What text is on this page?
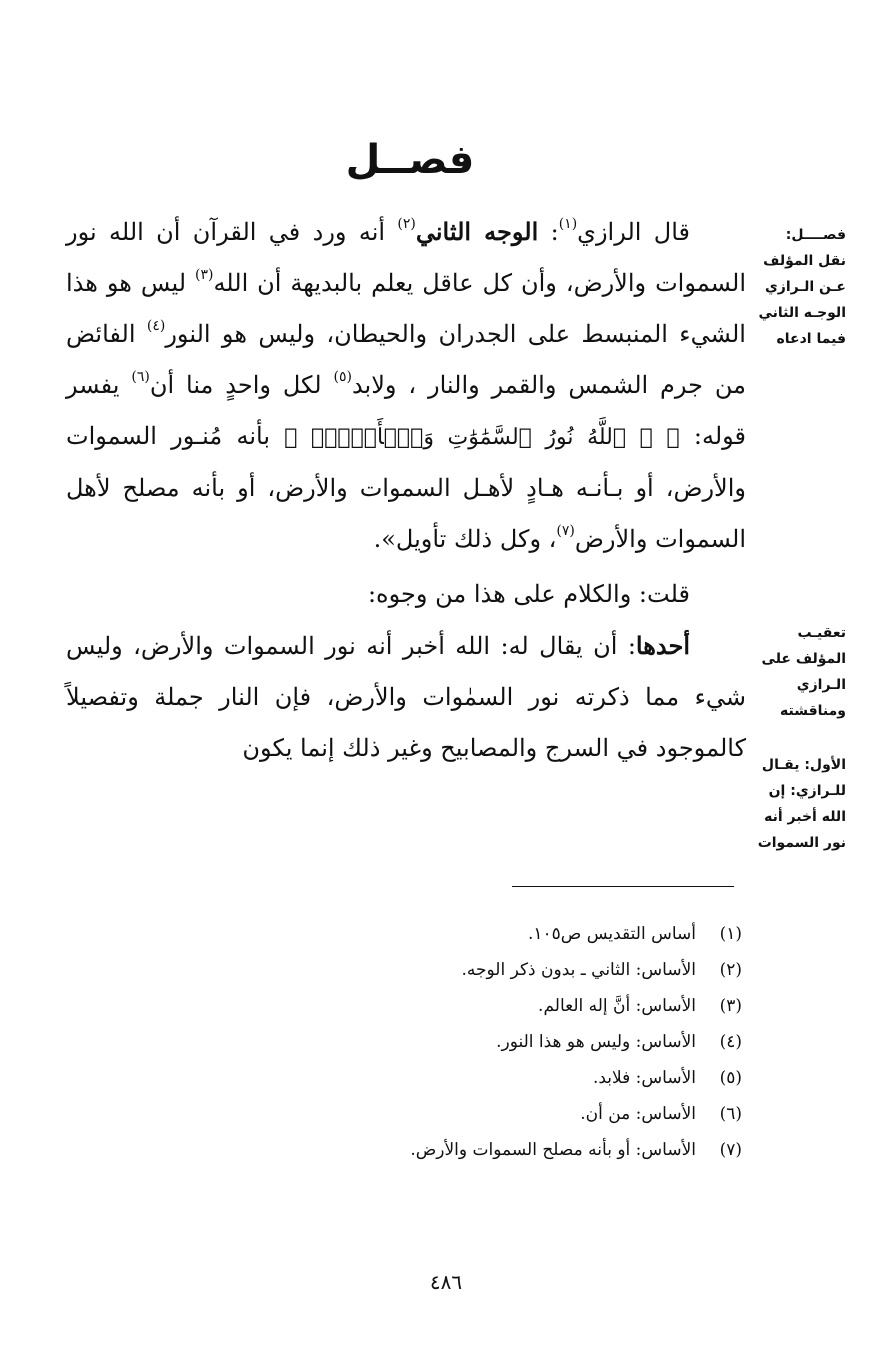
فصــل

فصــــل: نقل المؤلف عـن الـرازي الوجـه الثاني فيما ادعاه

تعقيـب المؤلف على الـرازي ومناقشته

الأول: يقـال للـرازي: إن الله أخبر أنه نور السموات

قال الرازي$^{(١)}$: الوجه الثاني$^{(٢)}$ أنه ورد في القرآن أن الله نور السموات والأرض، وأن كل عاقل يعلم بالبديهة أن الله$^{(٣)}$ ليس هو هذا الشيء المنبسط على الجدران والحيطان، وليس هو النور$^{(٤)}$ الفائض من جرم الشمس والقمر والنار ، ولابد$^{(٥)}$ لكل واحدٍ منا أن$^{(٦)}$ يفسر قوله: ﴿ ۞ ٱللَّهُ نُورُ ٱلسَّمَٰوَٰتِ وَٱلۡأَرۡضِۚ ﴾ بأنه مُنـور السموات والأرض، أو بـأنـه هـادٍ لأهـل السموات والأرض، أو بأنه مصلح لأهل السموات والأرض$^{(٧)}$، وكل ذلك تأويل».

قلت: والكلام على هذا من وجوه:

أحدها: أن يقال له: الله أخبر أنه نور السموات والأرض، وليس شيء مما ذكرته نور السمٰوات والأرض، فإن النار جملة وتفصيلاً كالموجود في السرج والمصابيح وغير ذلك إنما يكون

(١)
أساس التقديس ص١٠٥.
(٢)
الأساس: الثاني ـ بدون ذكر الوجه.
(٣)
الأساس: أنَّ إله العالم.
(٤)
الأساس: وليس هو هذا النور.
(٥)
الأساس: فلابد.
(٦)
الأساس: من أن.
(٧)
الأساس: أو بأنه مصلح السموات والأرض.
٤٨٦
